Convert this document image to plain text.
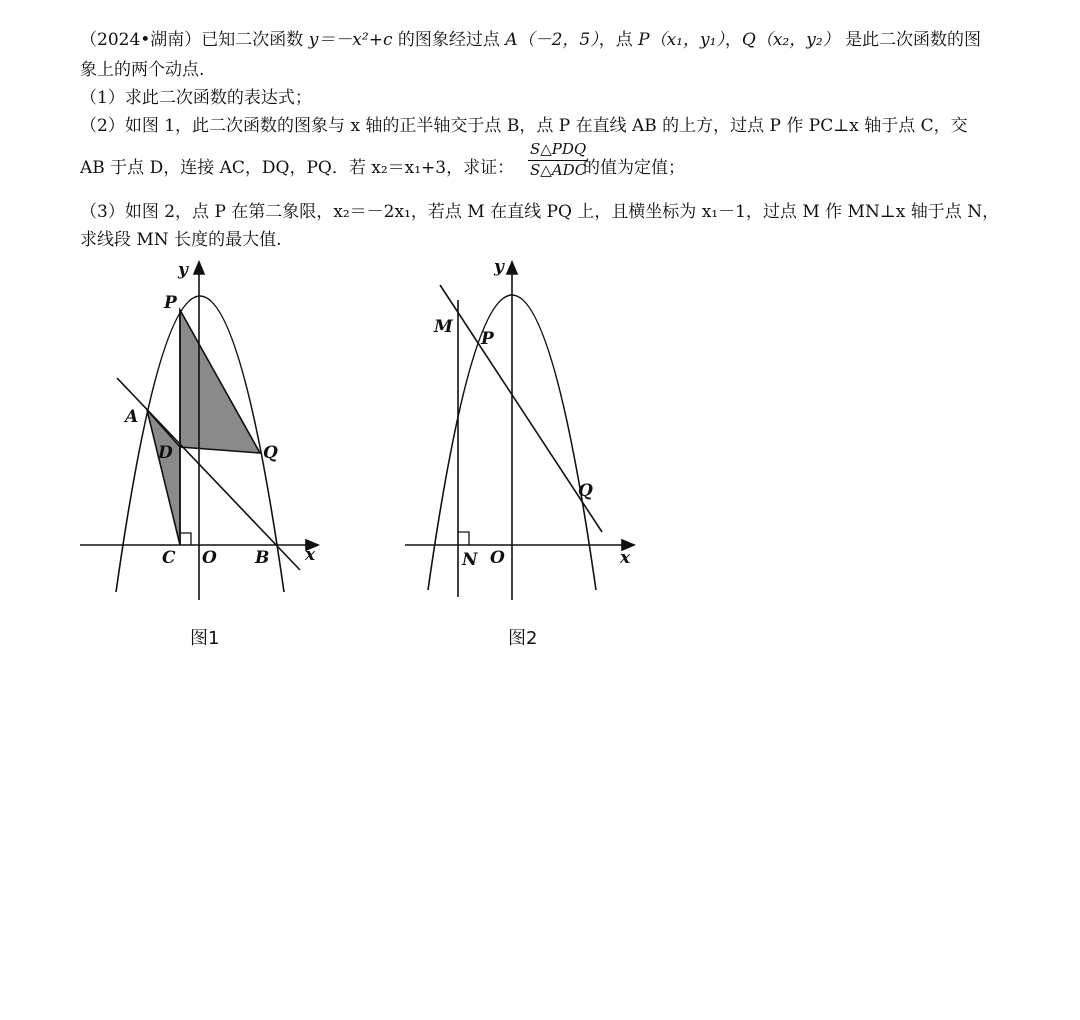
（2024•湖南）已知二次函数 y＝－x²+c 的图象经过点 A（－2，5），点 P（x₁，y₁），Q（x₂，y₂） 是此二次函数的图
象上的两个动点.
（1）求此二次函数的表达式；
（2）如图 1，此二次函数的图象与 x 轴的正半轴交于点 B，点 P 在直线 AB 的上方，过点 P 作 PC⊥x 轴于点 C，交
AB 于点 D，连接 AC，DQ，PQ．若 x₂＝x₁+3，求证：
S△PDQ
S△ADC
的值为定值；
（3）如图 2，点 P 在第二象限，x₂＝－2x₁，若点 M 在直线 PQ 上，且横坐标为 x₁－1，过点 M 作 MN⊥x 轴于点 N，
求线段 MN 长度的最大值.
P
A
D	Q
C O B x
y
M
P
Q
N O	x
y
图1	图2
